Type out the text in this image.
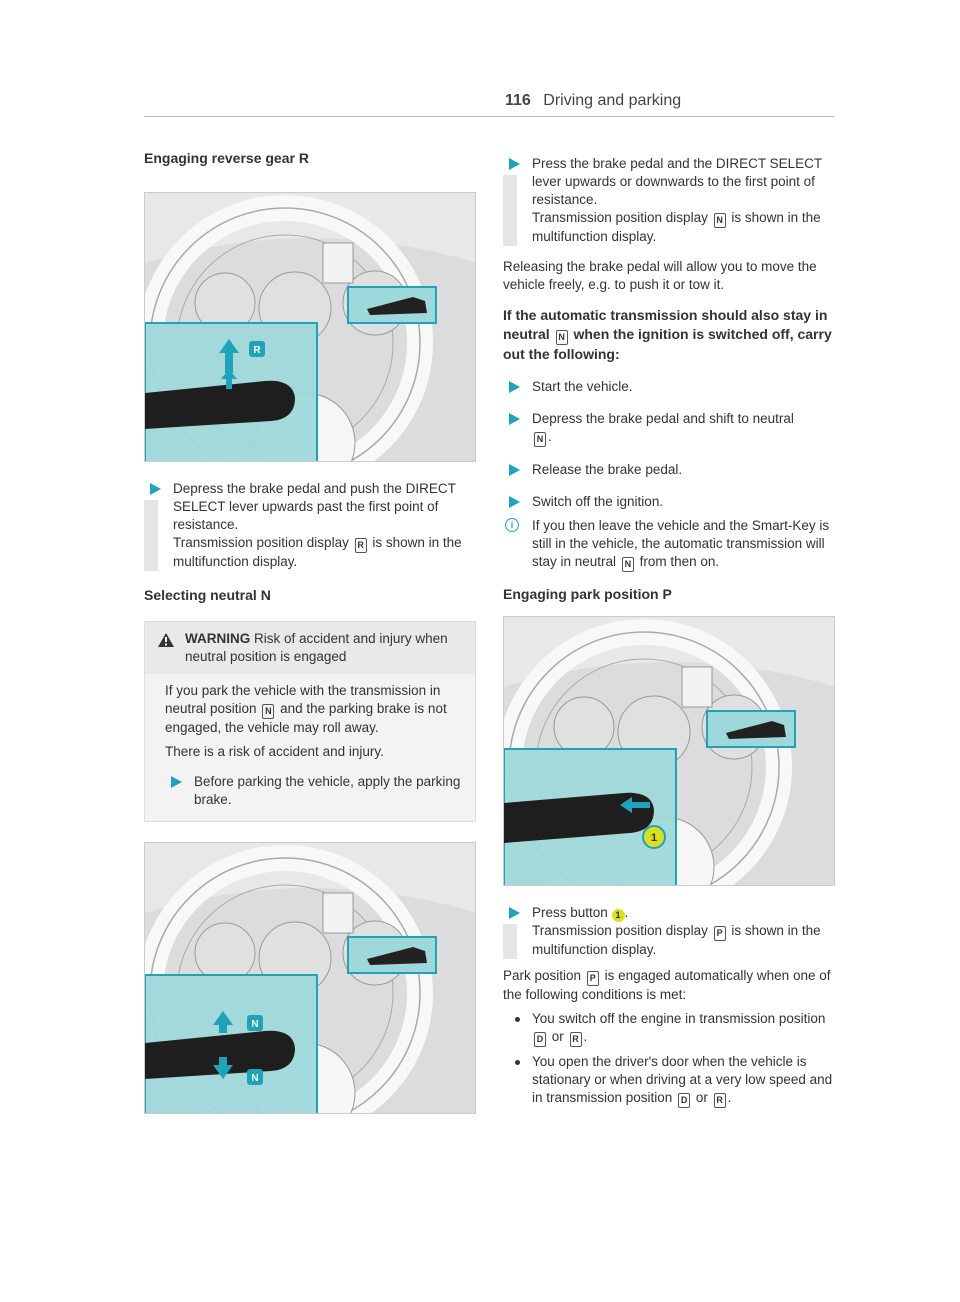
116 Driving and parking
Engaging reverse gear R
R
Depress the brake pedal and push the DIRECT SELECT lever upwards past the first point of resistance.
Transmission position display R is shown in the multifunction display.
Selecting neutral N
WARNING Risk of accident and injury when neutral position is engaged

If you park the vehicle with the transmission in neutral position N and the parking brake is not engaged, the vehicle may roll away.

There is a risk of accident and injury.

Before parking the vehicle, apply the parking brake.
N
N
Press the brake pedal and the DIRECT SELECT lever upwards or downwards to the first point of resistance.
Transmission position display N is shown in the multifunction display.

Releasing the brake pedal will allow you to move the vehicle freely, e.g. to push it or tow it.

If the automatic transmission should also stay in neutral N when the ignition is switched off, carry out the following:
Start the vehicle.
Depress the brake pedal and shift to neutral
N .
Release the brake pedal.
Switch off the ignition.
i	If you then leave the vehicle and the Smart-Key is still in the vehicle, the automatic transmission will stay in neutral N from then on.
Engaging park position P
1
Press button 1 .
Transmission position display P is shown in the multifunction display.

Park position P is engaged automatically when one of the following conditions is met:

You switch off the engine in transmission position D or R .
You open the driver's door when the vehicle is stationary or when driving at a very low speed and in transmission position D or R .
